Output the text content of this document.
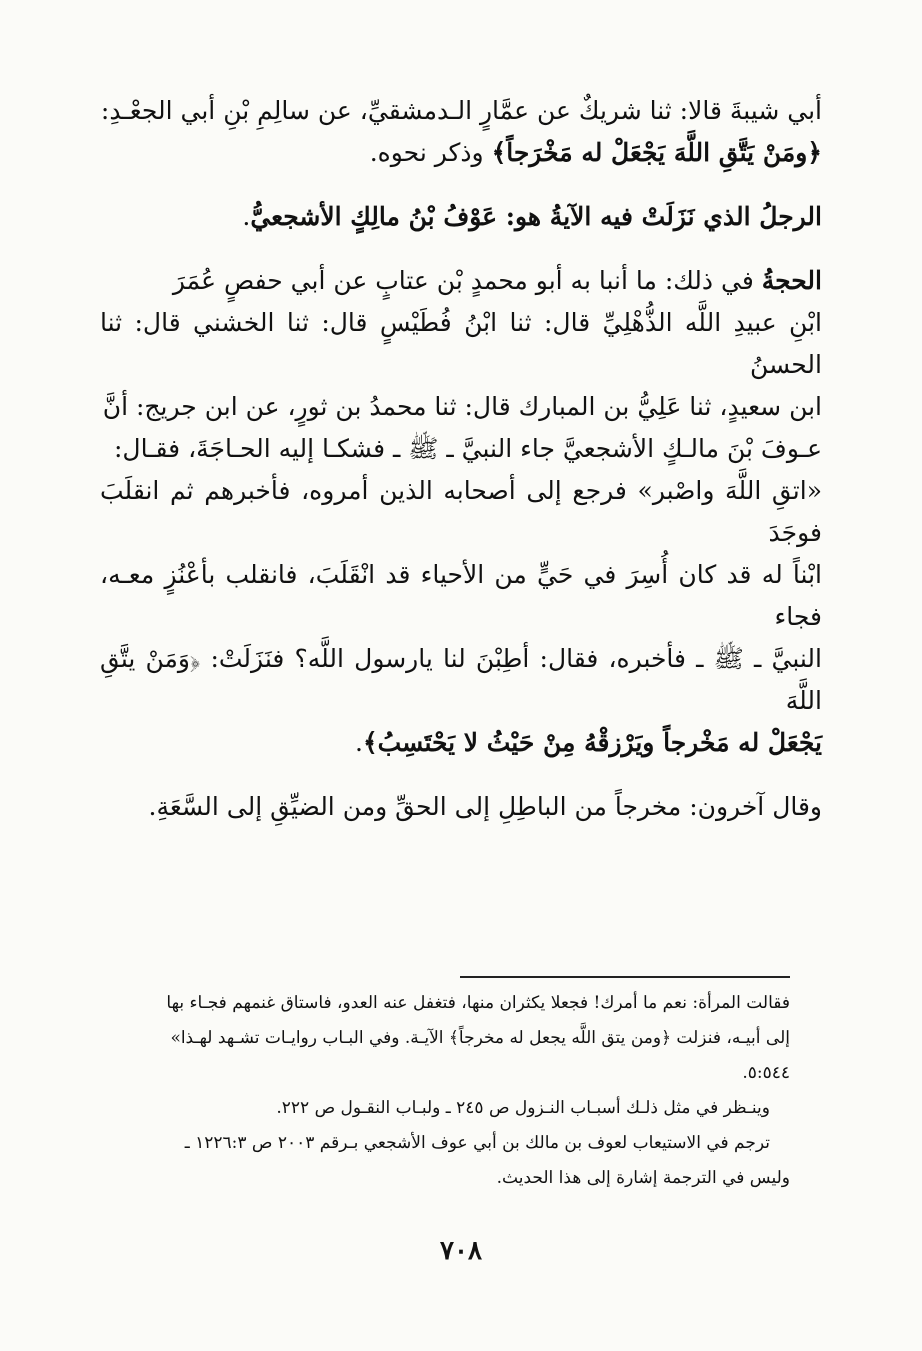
أبي شيبةَ قالا: ثنا شريكٌ عن عمَّارٍ الـدمشقيِّ، عن سالِمِ بْنِ أبي الجعْـدِ:
﴿ومَنْ يَتَّقِ اللَّهَ يَجْعَلْ له مَخْرَجاً﴾ وذكر نحوه.

الرجلُ الذي نَزَلَتْ فيه الآيةُ هو: عَوْفُ بْنُ مالِكٍ الأشجعيُّ.

الحجةُ في ذلك: ما أنبا به أبو محمدٍ بْن عتابٍ عن أبي حفصٍ عُمَرَ
ابْنِ عبيدِ اللَّه الذُّهْلِيِّ قال: ثنا ابْنُ فُطَيْسٍ قال: ثنا الخشني قال: ثنا الحسنُ
ابن سعيدٍ، ثنا عَلِيُّ بن المبارك قال: ثنا محمدُ بن ثورٍ، عن ابن جريج: أنَّ
عـوفَ بْنَ مالـكٍ الأشجعيَّ جاء النبيَّ ـ ﷺ ـ فشكـا إليه الحـاجَةَ، فقـال:
«اتقِ اللَّهَ واصْبر» فرجع إلى أصحابه الذين أمروه، فأخبرهم ثم انقلَبَ فوجَدَ
ابْناً له قد كان أُسِرَ في حَيٍّ من الأحياء قد انْقَلَبَ، فانقلب بأعْنُزٍ معـه، فجاء
النبيَّ ـ ﷺ ـ فأخبره، فقال: أطِبْنَ لنا يارسول اللَّه؟ فنَزَلَتْ: ﴿وَمَنْ يتَّقِ اللَّهَ
يَجْعَلْ له مَخْرجاً ويَرْزقْهُ مِنْ حَيْثُ لا يَحْتَسِبُ﴾.

وقال آخرون: مخرجاً من الباطِلِ إلى الحقِّ ومن الضيِّقِ إلى السَّعَةِ.

فقالت المرأة: نعم ما أمرك! فجعلا يكثران منها، فتغفل عنه العدو، فاستاق غنمهم فجـاء بها

إلى أبيـه، فنزلت ﴿ومن يتق اللَّه يجعل له مخرجاً﴾ الآيـة. وفي البـاب روايـات تشـهد لهـذا»

٥:٥٤٤.

وينـظر في مثل ذلـك أسبـاب النـزول ص ٢٤٥ ـ ولبـاب النقـول ص ٢٢٢.

ترجم في الاستيعاب لعوف بن مالك بن أبي عوف الأشجعي بـرقم ٢٠٠٣ ص ١٢٢٦:٣ ـ

وليس في الترجمة إشارة إلى هذا الحديث.

٧٠٨
